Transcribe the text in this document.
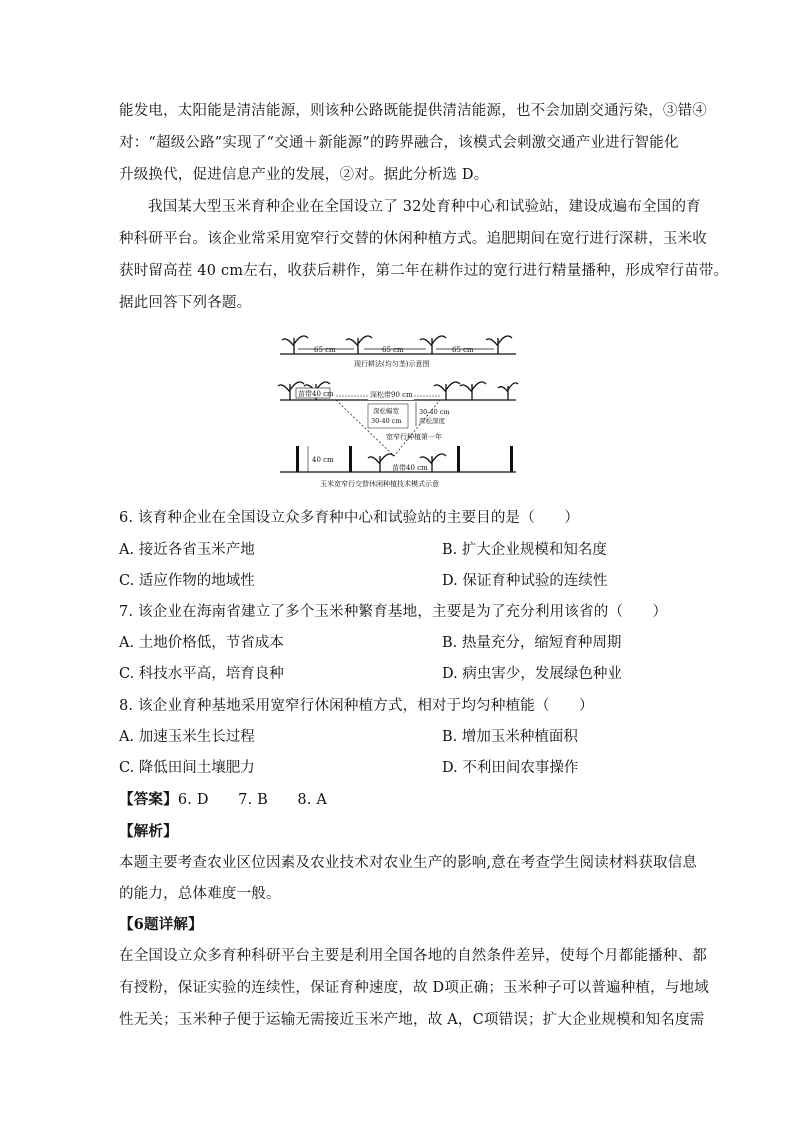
能发电，太阳能是清洁能源，则该种公路既能提供清洁能源，也不会加剧交通污染，③错④
对：“超级公路”实现了“交通＋新能源”的跨界融合，该模式会刺激交通产业进行智能化
升级换代，促进信息产业的发展，②对。据此分析选 D。
我国某大型玉米育种企业在全国设立了 32处育种中心和试验站，建设成遍布全国的育
种科研平台。该企业常采用宽窄行交替的休闲种植方式。追肥期间在宽行进行深耕，玉米收
获时留高茬 40 cm左右，收获后耕作，第二年在耕作过的宽行进行精量播种，形成窄行苗带。
据此回答下列各题。
65 cm	65 cm	65 cm
现行耕法(均匀垄)示意图
苗带40 cm	深松带90 cm
深松幅宽
30-40 cm
30-40 cm
深松深度
宽窄行种植第一年
40 cm
苗带40 cm
玉米宽窄行交替休闲种植技术模式示意
6. 该育种企业在全国设立众多育种中心和试验站的主要目的是（　　）
A. 接近各省玉米产地	B. 扩大企业规模和知名度
C. 适应作物的地域性	D. 保证育种试验的连续性
7. 该企业在海南省建立了多个玉米种繁育基地，主要是为了充分利用该省的（　　）
A. 土地价格低，节省成本	B. 热量充分，缩短育种周期
C. 科技水平高，培育良种	D. 病虫害少，发展绿色种业
8. 该企业育种基地采用宽窄行休闲种植方式，相对于均匀种植能（　　）
A. 加速玉米生长过程	B. 增加玉米种植面积
C. 降低田间土壤肥力	D. 不利田间农事操作
【答案】6. D　　7. B　　8. A
【解析】
本题主要考查农业区位因素及农业技术对农业生产的影响,意在考查学生阅读材料获取信息
的能力，总体难度一般。
【6题详解】
在全国设立众多育种科研平台主要是利用全国各地的自然条件差异，使每个月都能播种、都
有授粉，保证实验的连续性，保证育种速度，故 D项正确；玉米种子可以普遍种植，与地域
性无关；玉米种子便于运输无需接近玉米产地，故 A，C项错误；扩大企业规模和知名度需
